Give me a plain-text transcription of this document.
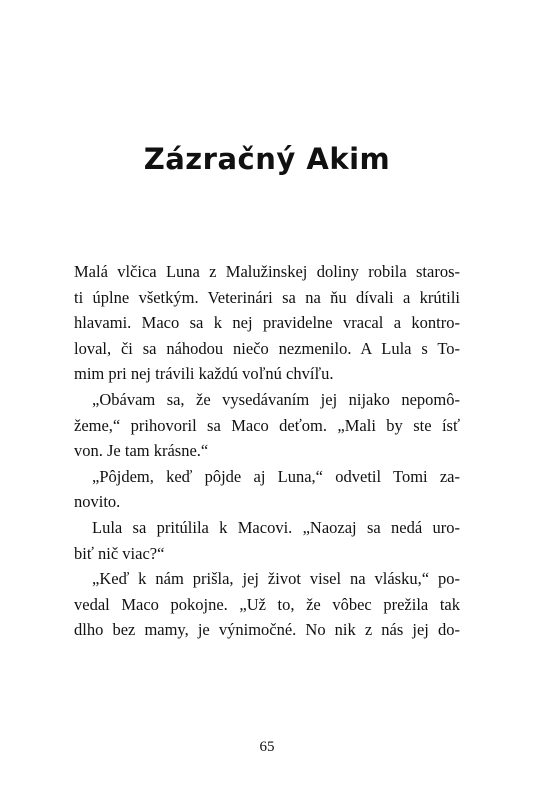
Zázračný Akim
Malá vlčica Luna z Malužinskej doliny robila staros-
ti úplne všetkým. Veterinári sa na ňu dívali a krútili
hlavami. Maco sa k nej pravidelne vracal a kontro-
loval, či sa náhodou niečo nezmenilo. A Lula s To-
mim pri nej trávili každú voľnú chvíľu.
„Obávam sa, že vysedávaním jej nijako nepomô-
žeme,“ prihovoril sa Maco deťom. „Mali by ste ísť
von. Je tam krásne.“
„Pôjdem, keď pôjde aj Luna,“ odvetil Tomi za-
novito.
Lula sa pritúlila k Macovi. „Naozaj sa nedá uro-
biť nič viac?“
„Keď k nám prišla, jej život visel na vlásku,“ po-
vedal Maco pokojne. „Už to, že vôbec prežila tak
dlho bez mamy, je výnimočné. No nik z nás jej do-
65
